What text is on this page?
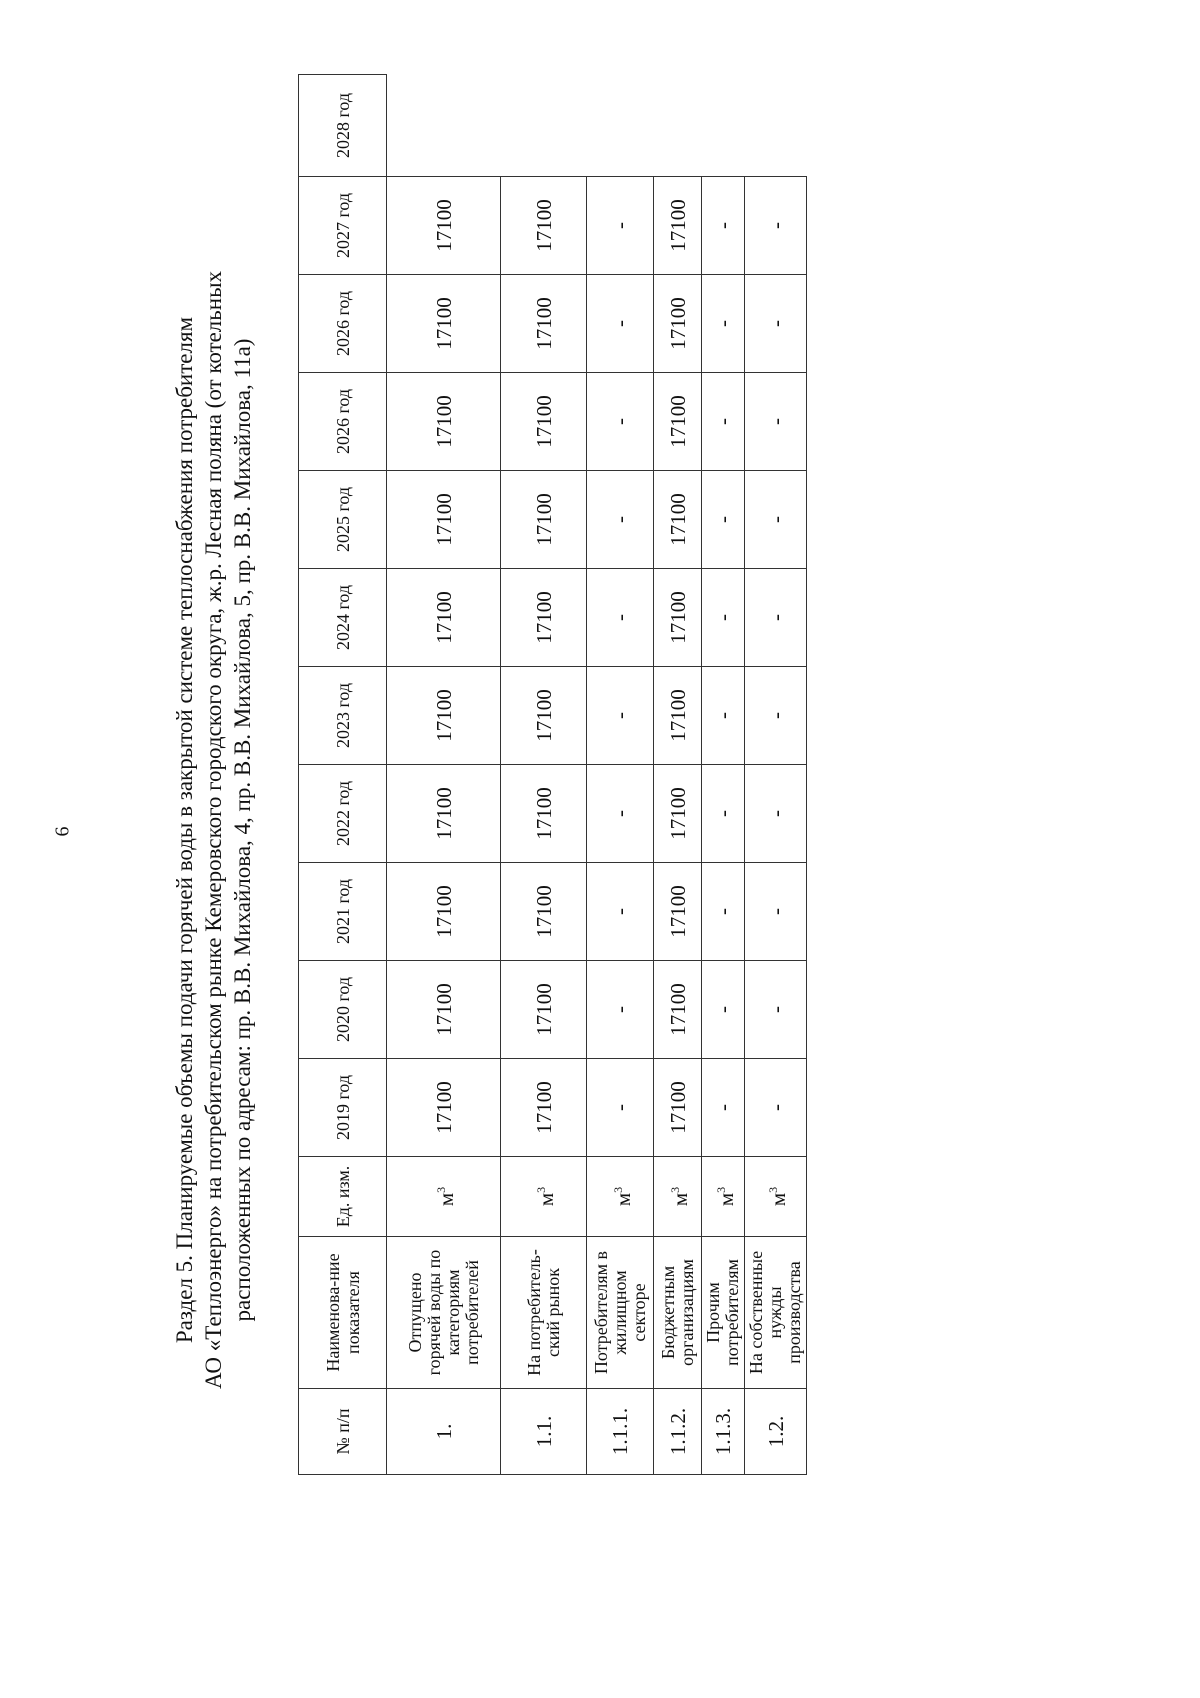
6	Раздел 5. Планируемые объемы подачи горячей воды в закрытой системе теплоснабжения потребителям АО «Теплоэнерго» на потребительском рынке Кемеровского городского округа, ж.р. Лесная поляна (от котельных расположенных по адресам: пр. В.В. Михайлова, 4, пр. В.В. Михайлова, 5, пр. В.В. Михайлова, 11а)
№ п/п	Наименова-ние показателя	Ед. изм.	2019 год	2020 год	2021 год	2022 год	2023 год	2024 год	2025 год	2026 год	2026 год	2027 год	2028 год
1.	Отпущено горячей воды по категориям потребителей	$м^3$	17100	17100	17100	17100	17100	17100	17100	17100	17100	17100	
1.1.	На потребитель-ский рынок	$м^3$	17100	17100	17100	17100	17100	17100	17100	17100	17100	17100	
1.1.1.	Потребителям в жилищном секторе	$м^3$	-	-	-	-	-	-	-	-	-	-	
1.1.2.	Бюджетным организациям	$м^3$	17100	17100	17100	17100	17100	17100	17100	17100	17100	17100	
1.1.3.	Прочим потребителям	$м^3$	-	-	-	-	-	-	-	-	-	-	
1.2.	На собственные нужды производства	$м^3$	-	-	-	-	-	-	-	-	-	-	
